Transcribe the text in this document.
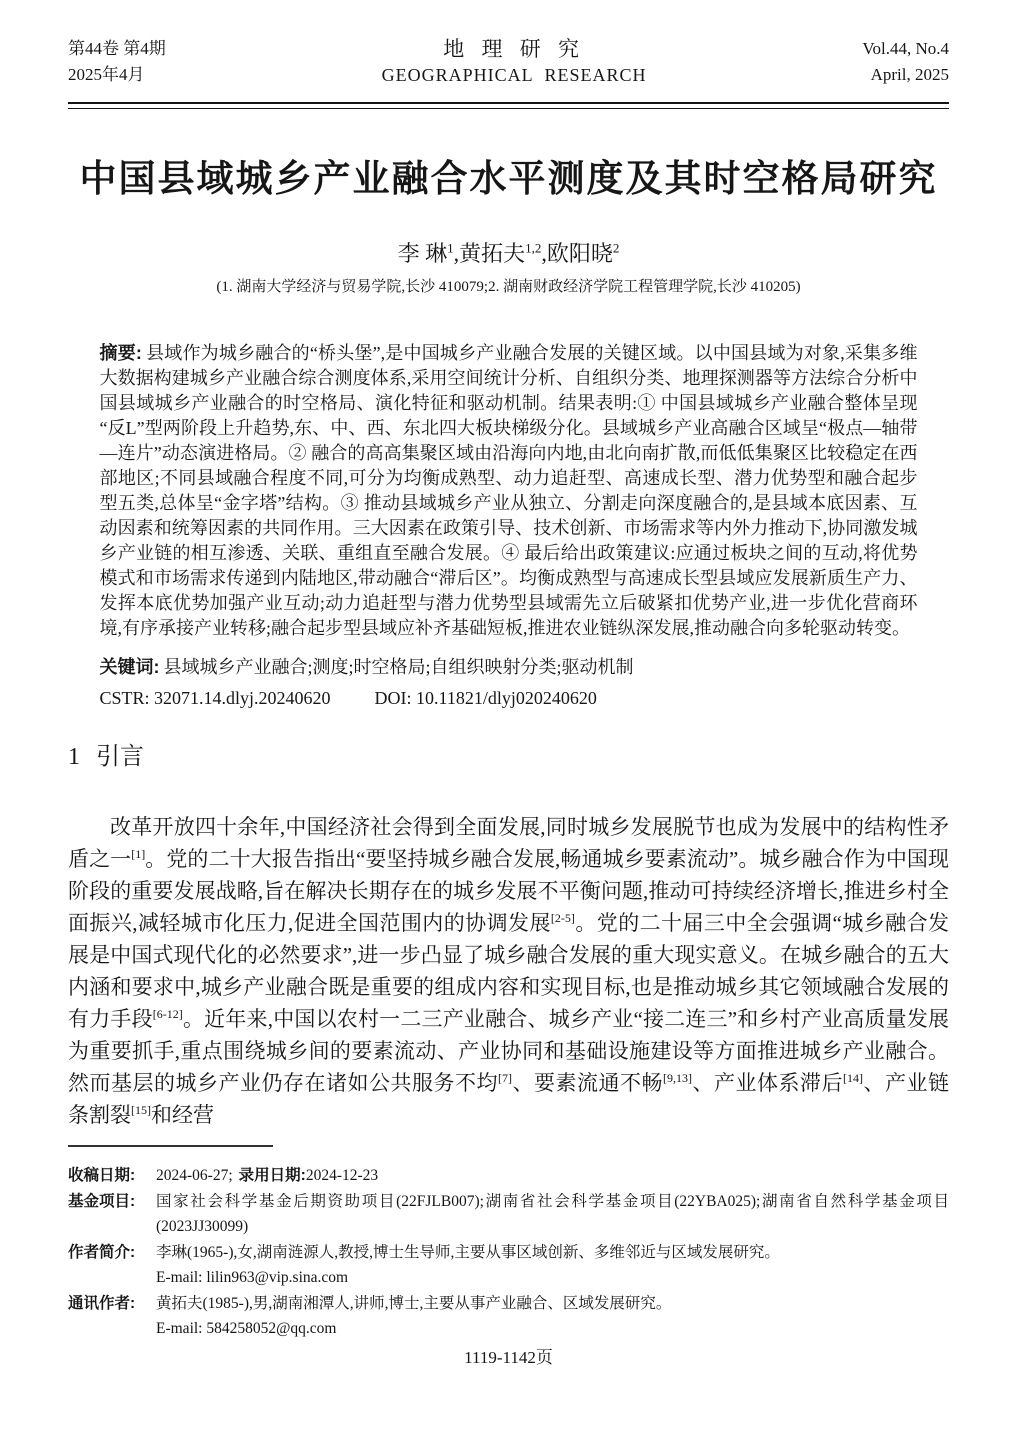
第44卷 第4期
2025年4月
地 理 研 究
GEOGRAPHICAL RESEARCH
Vol.44, No.4
April, 2025
中国县域城乡产业融合水平测度及其时空格局研究
李 琳$^1$,黄拓夫$^{1,2}$,欧阳晓$^2$
(1. 湖南大学经济与贸易学院,长沙 410079;2. 湖南财政经济学院工程管理学院,长沙 410205)
摘要: 县域作为城乡融合的“桥头堡”,是中国城乡产业融合发展的关键区域。以中国县域为对象,采集多维大数据构建城乡产业融合综合测度体系,采用空间统计分析、自组织分类、地理探测器等方法综合分析中国县域城乡产业融合的时空格局、演化特征和驱动机制。结果表明:① 中国县域城乡产业融合整体呈现“反L”型两阶段上升趋势,东、中、西、东北四大板块梯级分化。县域城乡产业高融合区域呈“极点—轴带—连片”动态演进格局。② 融合的高高集聚区域由沿海向内地,由北向南扩散,而低低集聚区比较稳定在西部地区;不同县域融合程度不同,可分为均衡成熟型、动力追赶型、高速成长型、潜力优势型和融合起步型五类,总体呈“金字塔”结构。③ 推动县域城乡产业从独立、分割走向深度融合的,是县域本底因素、互动因素和统筹因素的共同作用。三大因素在政策引导、技术创新、市场需求等内外力推动下,协同激发城乡产业链的相互渗透、关联、重组直至融合发展。④ 最后给出政策建议:应通过板块之间的互动,将优势模式和市场需求传递到内陆地区,带动融合“滞后区”。均衡成熟型与高速成长型县域应发展新质生产力、发挥本底优势加强产业互动;动力追赶型与潜力优势型县域需先立后破紧扣优势产业,进一步优化营商环境,有序承接产业转移;融合起步型县域应补齐基础短板,推进农业链纵深发展,推动融合向多轮驱动转变。
关键词: 县域城乡产业融合;测度;时空格局;自组织映射分类;驱动机制
CSTR: 32071.14.dlyj.20240620 DOI: 10.11821/dlyj020240620
1 引言

改革开放四十余年,中国经济社会得到全面发展,同时城乡发展脱节也成为发展中的结构性矛盾之一[1]。党的二十大报告指出“要坚持城乡融合发展,畅通城乡要素流动”。城乡融合作为中国现阶段的重要发展战略,旨在解决长期存在的城乡发展不平衡问题,推动可持续经济增长,推进乡村全面振兴,减轻城市化压力,促进全国范围内的协调发展[2-5]。党的二十届三中全会强调“城乡融合发展是中国式现代化的必然要求”,进一步凸显了城乡融合发展的重大现实意义。在城乡融合的五大内涵和要求中,城乡产业融合既是重要的组成内容和实现目标,也是推动城乡其它领域融合发展的有力手段[6-12]。近年来,中国以农村一二三产业融合、城乡产业“接二连三”和乡村产业高质量发展为重要抓手,重点围绕城乡间的要素流动、产业协同和基础设施建设等方面推进城乡产业融合。然而基层的城乡产业仍存在诸如公共服务不均[7]、要素流通不畅[9,13]、产业体系滞后[14]、产业链条割裂[15]和经营

收稿日期:	2024-06-27; 录用日期:2024-12-23
基金项目:	国家社会科学基金后期资助项目(22FJLB007);湖南省社会科学基金项目(22YBA025);湖南省自然科学基金项目(2023JJ30099)
作者简介:	李琳(1965-),女,湖南涟源人,教授,博士生导师,主要从事区域创新、多维邻近与区域发展研究。
E-mail: lilin963@vip.sina.com
通讯作者:	黄拓夫(1985-),男,湖南湘潭人,讲师,博士,主要从事产业融合、区域发展研究。
E-mail: 584258052@qq.com
1119-1142页
